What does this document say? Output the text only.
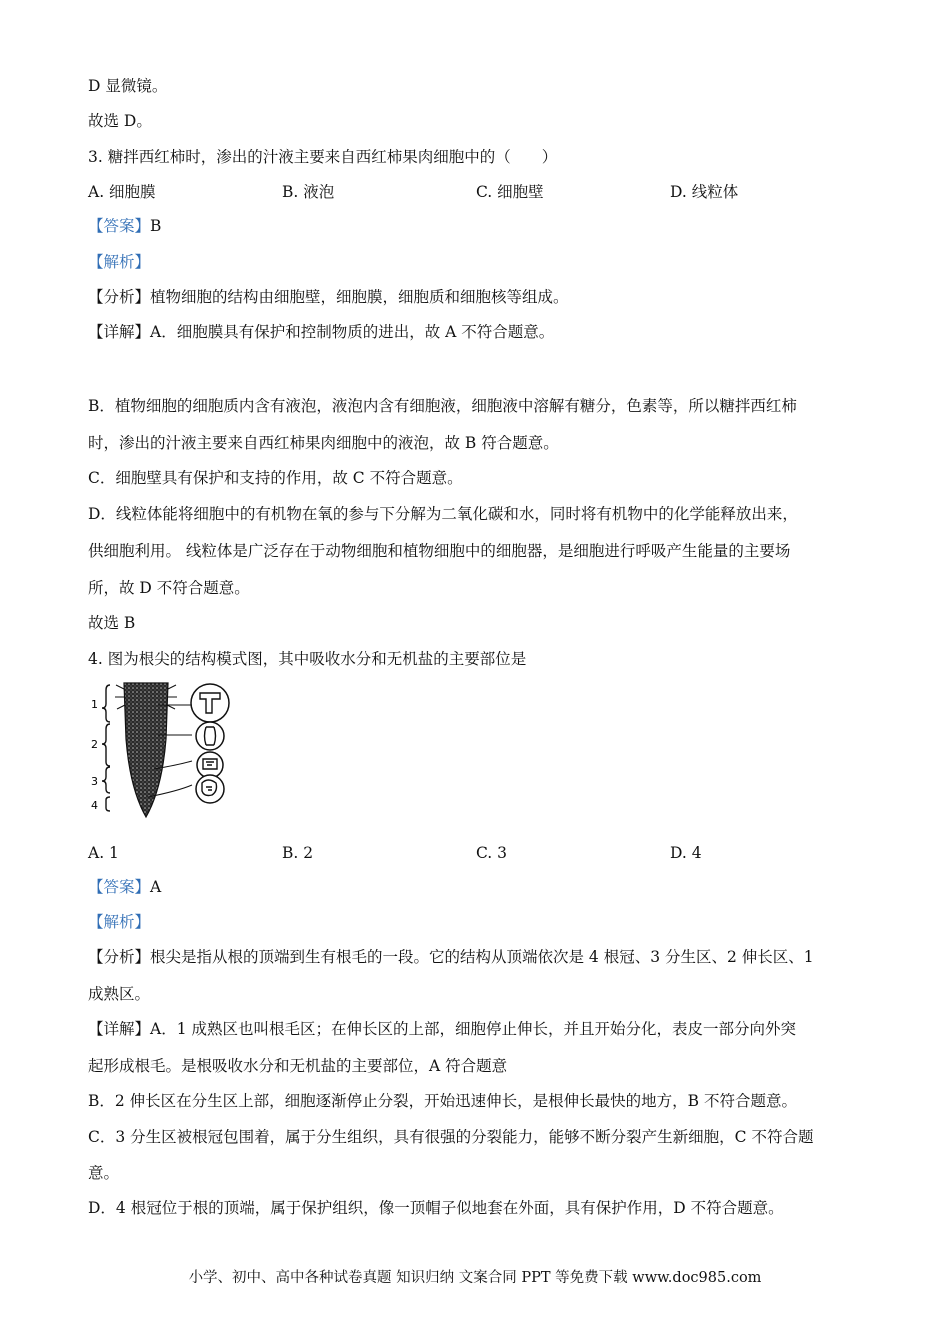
D 显微镜。
故选 D。
3. 糖拌西红柿时，渗出的汁液主要来自西红柿果肉细胞中的（　　）
A. 细胞膜	B. 液泡	C. 细胞壁	D. 线粒体
【答案】B
【解析】
【分析】植物细胞的结构由细胞壁，细胞膜，细胞质和细胞核等组成。
【详解】A．细胞膜具有保护和控制物质的进出，故 A 不符合题意。
B．植物细胞的细胞质内含有液泡，液泡内含有细胞液，细胞液中溶解有糖分，色素等，所以糖拌西红柿
时，渗出的汁液主要来自西红柿果肉细胞中的液泡，故 B 符合题意。
C．细胞壁具有保护和支持的作用，故 C 不符合题意。
D．线粒体能将细胞中的有机物在氧的参与下分解为二氧化碳和水，同时将有机物中的化学能释放出来，
供细胞利用。 线粒体是广泛存在于动物细胞和植物细胞中的细胞器，是细胞进行呼吸产生能量的主要场
所，故 D 不符合题意。
故选 B
4. 图为根尖的结构模式图，其中吸收水分和无机盐的主要部位是
1
2
3
4
A. 1	B. 2	C. 3	D. 4
【答案】A
【解析】
【分析】根尖是指从根的顶端到生有根毛的一段。它的结构从顶端依次是 4 根冠、3 分生区、2 伸长区、1
成熟区。
【详解】A．1 成熟区也叫根毛区；在伸长区的上部，细胞停止伸长，并且开始分化，表皮一部分向外突
起形成根毛。是根吸收水分和无机盐的主要部位，A 符合题意
B．2 伸长区在分生区上部，细胞逐渐停止分裂，开始迅速伸长，是根伸长最快的地方，B 不符合题意。
C．3 分生区被根冠包围着，属于分生组织，具有很强的分裂能力，能够不断分裂产生新细胞，C 不符合题
意。
D．4 根冠位于根的顶端，属于保护组织，像一顶帽子似地套在外面，具有保护作用，D 不符合题意。
小学、初中、高中各种试卷真题 知识归纳 文案合同 PPT 等免费下载 www.doc985.com
